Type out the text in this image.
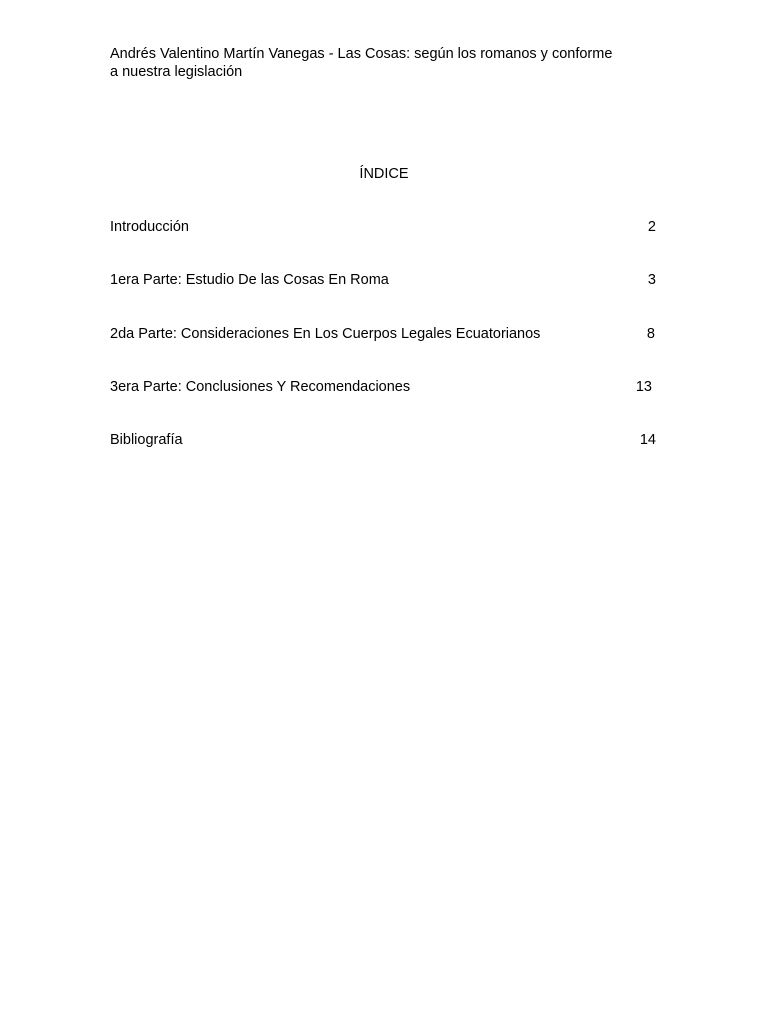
Andrés Valentino Martín Vanegas - Las Cosas: según los romanos y conforme
a nuestra legislación
ÍNDICE
Introducción	2
1era Parte: Estudio De las Cosas En Roma	3
2da Parte: Consideraciones En Los Cuerpos Legales Ecuatorianos	8
3era Parte: Conclusiones Y Recomendaciones	13
Bibliografía	14
